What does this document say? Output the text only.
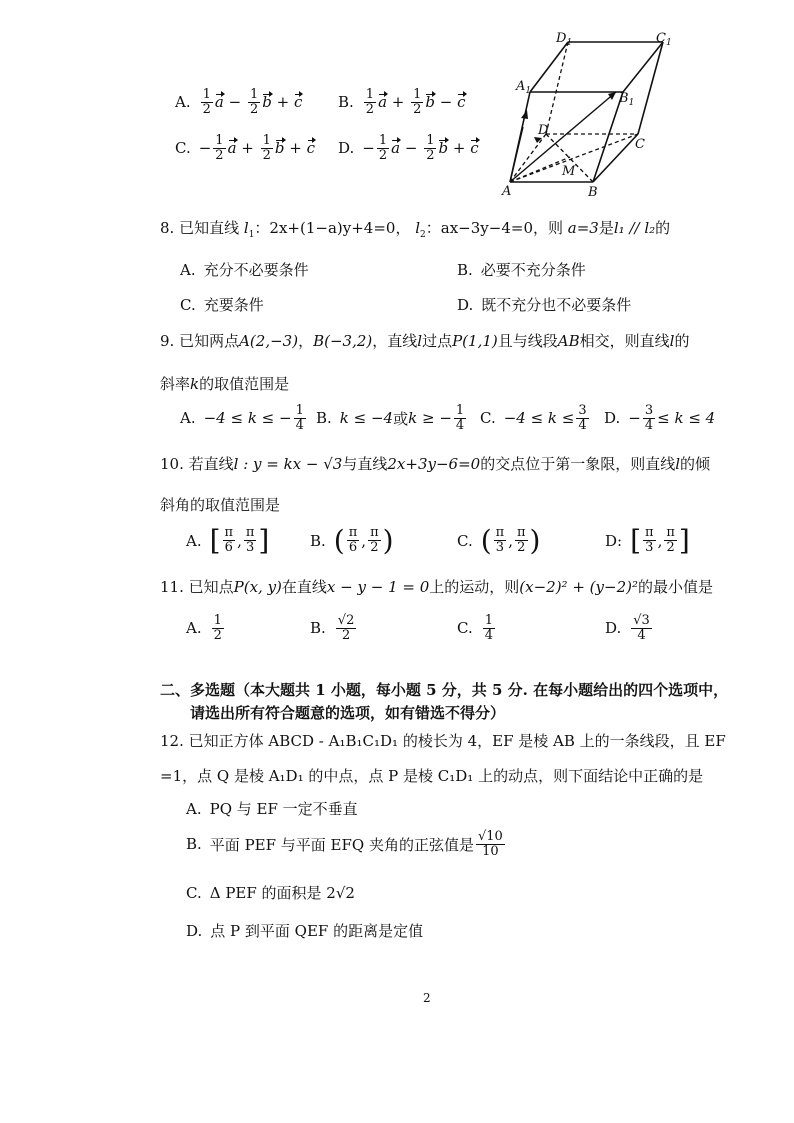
A. $\frac{1}{2}$ $a - \frac{1}{2}$ b + c B. $\frac{1}{2}$ $a + \frac{1}{2}$ b − c
C. − $\frac{1}{2}$ $a + \frac{1}{2}$ b + c D. − $\frac{1}{2}$ $a - \frac{1}{2}$ b + c
$D_1$	$C_1$
$A_1$	$B_1$
D
C
M
A	B
8. 已知直线 $l_1$：2x+(1−a)y+4=0， $l_2$：ax−3y−4=0，则 a=3是l₁ // l₂的
A. 充分不必要条件	B. 必要不充分条件
C. 充要条件	D. 既不充分也不必要条件
9. 已知两点A(2,−3)，B(−3,2)，直线l过点P(1,1)且与线段AB相交，则直线l的
斜率k的取值范围是
A. −4 ≤ k ≤ − $\frac{1}{4} B$. k ≤ −4 或 k ≥ − $\frac{1}{4} C$. $-4 \le k \le \frac{3}{4} D$. − $\frac{3}{4} \le k \le 4$
10. 若直线l : y = kx − √3与直线2x+3y−6=0的交点位于第一象限，则直线l的倾
斜角的取值范围是
A. [ $\frac{\pi}{6}$ , $\frac{\pi}{3}$ ]	B. ( $\frac{\pi}{6}$ , $\frac{\pi}{2}$ )	C. ( $\frac{\pi}{3}$ , $\frac{\pi}{2}$ )	D: [ $\frac{\pi}{3}$ , $\frac{\pi}{2}$ ]
11. 已知点P(x, y)在直线x − y − 1 = 0上的运动，则(x−2)² + (y−2)²的最小值是
A. $\frac{1}{2}$	B. $\frac{√2}{2}$	C. $\frac{1}{4}$	D. $\frac{√3}{4}$
二、多选题（本大题共 1 小题，每小题 5 分，共 5 分. 在每小题给出的四个选项中，
请选出所有符合题意的选项，如有错选不得分）
12. 已知正方体 ABCD - A₁B₁C₁D₁ 的棱长为 4，EF 是棱 AB 上的一条线段，且 EF
=1，点 Q 是棱 A₁D₁ 的中点，点 P 是棱 C₁D₁ 上的动点，则下面结论中正确的是
A. PQ 与 EF 一定不垂直
B. 平面 PEF 与平面 EFQ 夹角的正弦值是 $\frac{√10}{10}$
C. Δ PEF 的面积是 2√2
D. 点 P 到平面 QEF 的距离是定值
2
